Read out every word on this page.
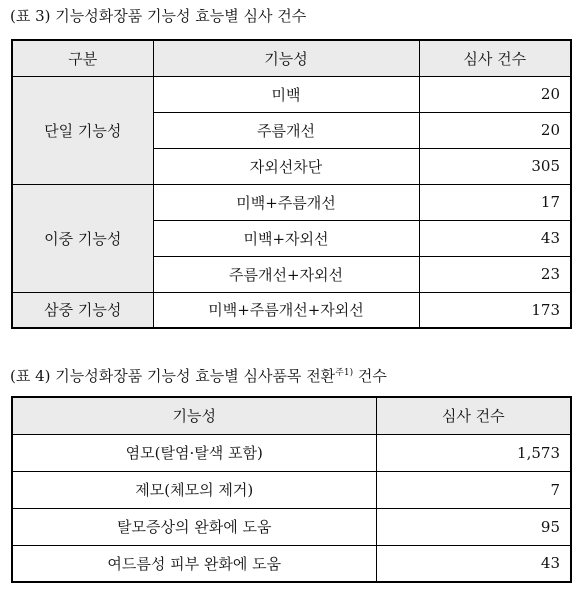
(표 3) 기능성화장품 기능성 효능별 심사 건수
구분	기능성	심사 건수
단일 기능성	미백	20
	주름개선	20
	자외선차단	305
이중 기능성	미백+주름개선	17
	미백+자외선	43
	주름개선+자외선	23
삼중 기능성	미백+주름개선+자외선	173
(표 4) 기능성화장품 기능성 효능별 심사품목 전환$^{주1)}$ 건수
기능성	심사 건수
염모(탈염·탈색 포함)	1,573
제모(체모의 제거)	7
탈모증상의 완화에 도움	95
여드름성 피부 완화에 도움	43
